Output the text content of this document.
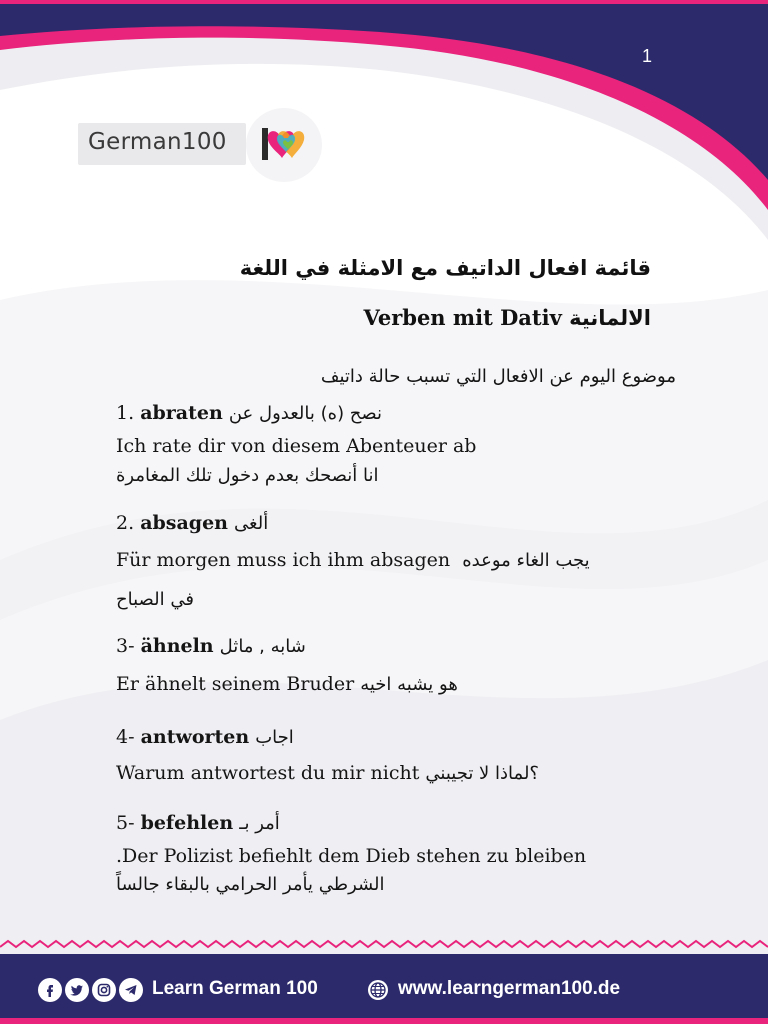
1
German100
قائمة افعال الداتيف مع الامثلة في اللغة
الالمانية Verben mit Dativ
موضوع اليوم عن الافعال التي تسبب حالة داتيف
1. abraten نصح (ه) بالعدول عن
Ich rate dir von diesem Abenteuer ab
انا أنصحك بعدم دخول تلك المغامرة
2. absagen ألغى
Für morgen muss ich ihm absagen يجب الغاء موعده
في الصباح
3- ähneln شابه , ماثل
Er ähnelt seinem Bruder هو يشبه اخيه
4- antworten اجاب
Warum antwortest du mir nicht ؟لماذا لا تجيبني
5- befehlen أمر بـ
.Der Polizist befiehlt dem Dieb stehen zu bleiben
الشرطي يأمر الحرامي بالبقاء جالساً
Learn German 100	www.learngerman100.de
